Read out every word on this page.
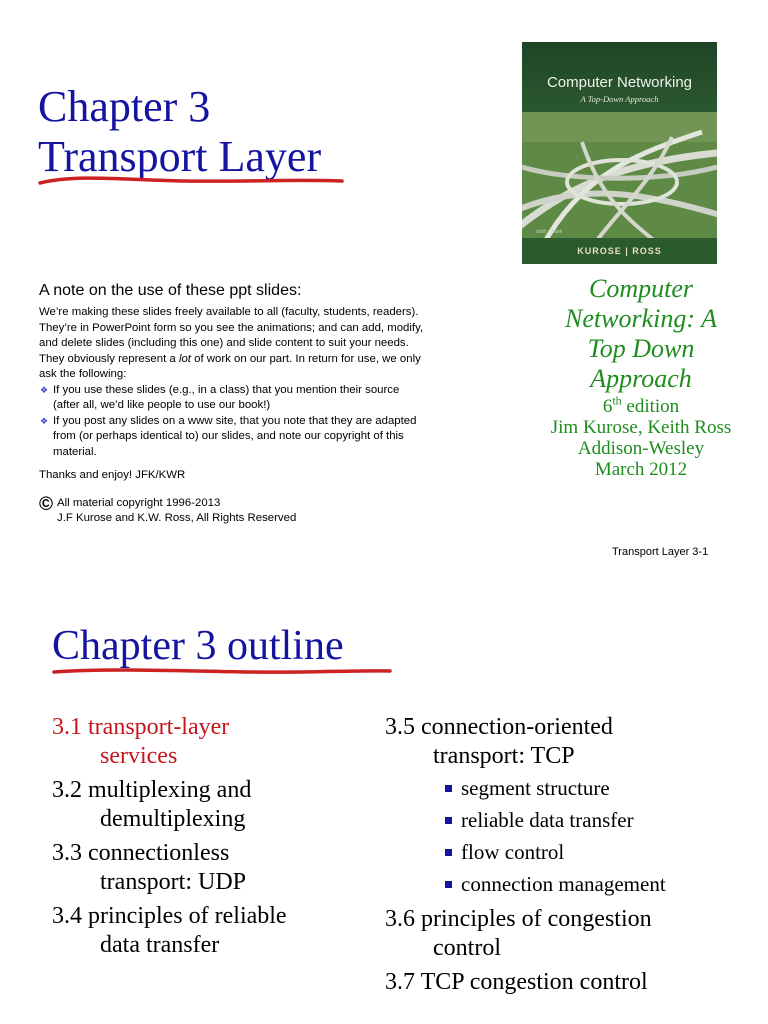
Chapter 3
Transport Layer
Computer Networking
A Top-Down Approach
sixth edition
KUROSE | ROSS
Computer
Networking: A
Top Down
Approach
6th edition
Jim Kurose, Keith Ross
Addison-Wesley
March 2012
A note on the use of these ppt slides:

We’re making these slides freely available to all (faculty, students, readers).

They’re in PowerPoint form so you see the animations; and can add, modify,

and delete slides (including this one) and slide content to suit your needs.

They obviously represent a lot of work on our part. In return for use, we only

ask the following:

❖ If you use these slides (e.g., in a class) that you mention their source
(after all, we’d like people to use our book!)
❖ If you post any slides on a www site, that you note that they are adapted
from (or perhaps identical to) our slides, and note our copyright of this
material.
Thanks and enjoy! JFK/KWR
© All material copyright 1996-2013
J.F Kurose and K.W. Ross, All Rights Reserved
Transport Layer 3-1
Chapter 3 outline
3.1 transport-layer
services
3.2 multiplexing and
demultiplexing
3.3 connectionless
transport: UDP
3.4 principles of reliable
data transfer
3.5 connection-oriented
transport: TCP
segment structure
reliable data transfer
flow control
connection management
3.6 principles of congestion
control
3.7 TCP congestion control
